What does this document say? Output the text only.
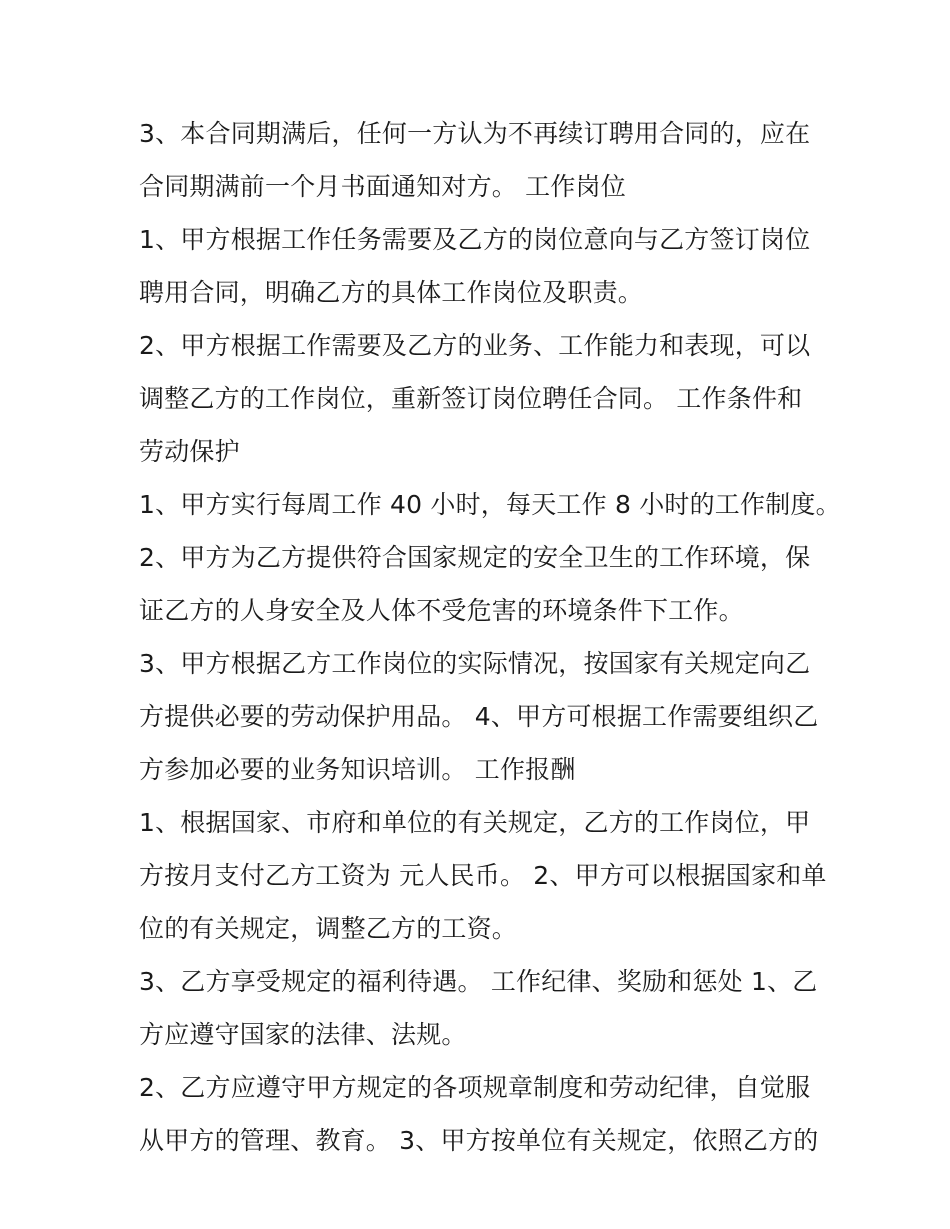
3、本合同期满后，任何一方认为不再续订聘用合同的，应在
合同期满前一个月书面通知对方。 工作岗位

1、甲方根据工作任务需要及乙方的岗位意向与乙方签订岗位
聘用合同，明确乙方的具体工作岗位及职责。

2、甲方根据工作需要及乙方的业务、工作能力和表现，可以
调整乙方的工作岗位，重新签订岗位聘任合同。 工作条件和
劳动保护

1、甲方实行每周工作 40 小时，每天工作 8 小时的工作制度。

2、甲方为乙方提供符合国家规定的安全卫生的工作环境，保
证乙方的人身安全及人体不受危害的环境条件下工作。

3、甲方根据乙方工作岗位的实际情况，按国家有关规定向乙
方提供必要的劳动保护用品。 4、甲方可根据工作需要组织乙
方参加必要的业务知识培训。 工作报酬

1、根据国家、市府和单位的有关规定，乙方的工作岗位，甲
方按月支付乙方工资为 元人民币。 2、甲方可以根据国家和单
位的有关规定，调整乙方的工资。

3、乙方享受规定的福利待遇。 工作纪律、奖励和惩处 1、乙
方应遵守国家的法律、法规。

2、乙方应遵守甲方规定的各项规章制度和劳动纪律，自觉服
从甲方的管理、教育。 3、甲方按单位有关规定，依照乙方的
